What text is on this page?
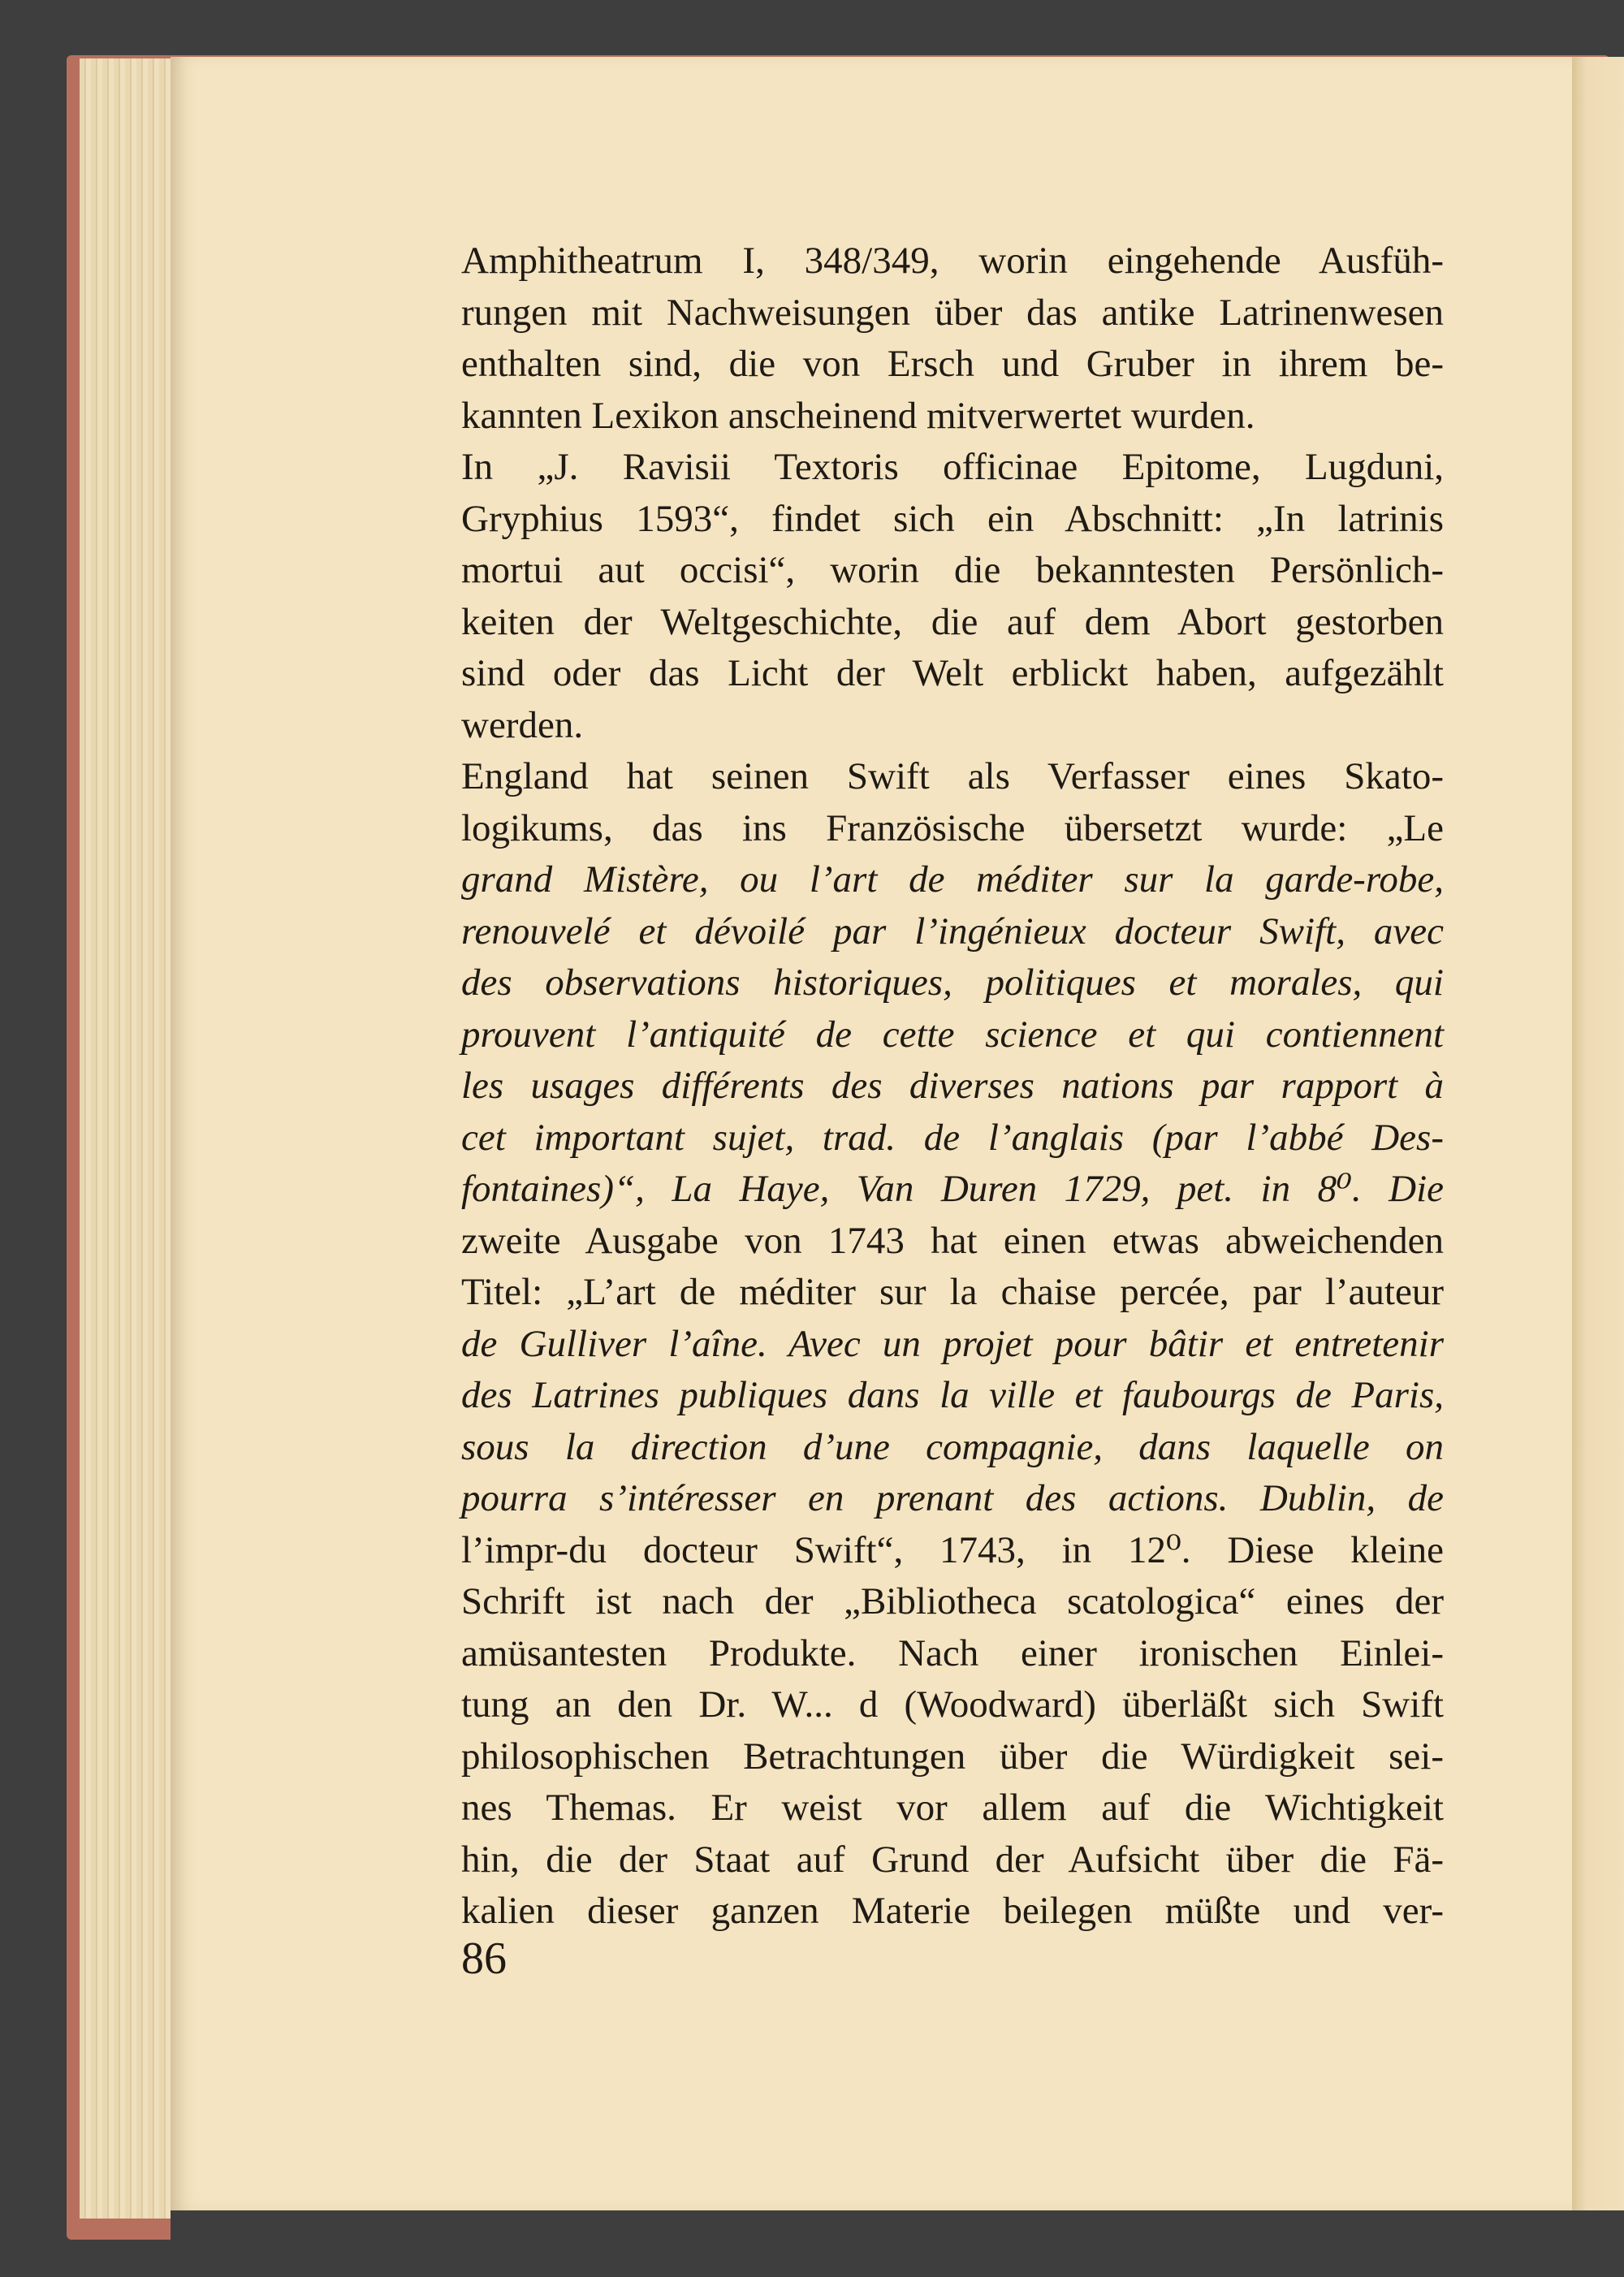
Amphitheatrum I, 348/349, worin eingehende Ausfüh-
rungen mit Nachweisungen über das antike Latrinenwesen
enthalten sind, die von Ersch und Gruber in ihrem be-
kannten Lexikon anscheinend mitverwertet wurden.

In „J. Ravisii Textoris officinae Epitome, Lugduni,
Gryphius 1593“, findet sich ein Abschnitt: „In latrinis
mortui aut occisi“, worin die bekanntesten Persönlich-
keiten der Weltgeschichte, die auf dem Abort gestorben
sind oder das Licht der Welt erblickt haben, aufgezählt
werden.

England hat seinen Swift als Verfasser eines Skato-
logikums, das ins Französische übersetzt wurde: „Le
grand Mistère, ou l’art de méditer sur la garde-robe,
renouvelé et dévoilé par l’ingénieux docteur Swift, avec
des observations historiques, politiques et morales, qui
prouvent l’antiquité de cette science et qui contiennent
les usages différents des diverses nations par rapport à
cet important sujet, trad. de l’anglais (par l’abbé Des-
fontaines)“, La Haye, Van Duren 1729, pet. in 8⁰. Die
zweite Ausgabe von 1743 hat einen etwas abweichenden
Titel: „L’art de méditer sur la chaise percée, par l’auteur
de Gulliver l’aîne. Avec un projet pour bâtir et entretenir
des Latrines publiques dans la ville et faubourgs de Paris,
sous la direction d’une compagnie, dans laquelle on
pourra s’intéresser en prenant des actions. Dublin, de
l’impr-du docteur Swift“, 1743, in 12⁰. Diese kleine
Schrift ist nach der „Bibliotheca scatologica“ eines der
amüsantesten Produkte. Nach einer ironischen Einlei-
tung an den Dr. W... d (Woodward) überläßt sich Swift
philosophischen Betrachtungen über die Würdigkeit sei-
nes Themas. Er weist vor allem auf die Wichtigkeit
hin, die der Staat auf Grund der Aufsicht über die Fä-
kalien dieser ganzen Materie beilegen müßte und ver-

86
